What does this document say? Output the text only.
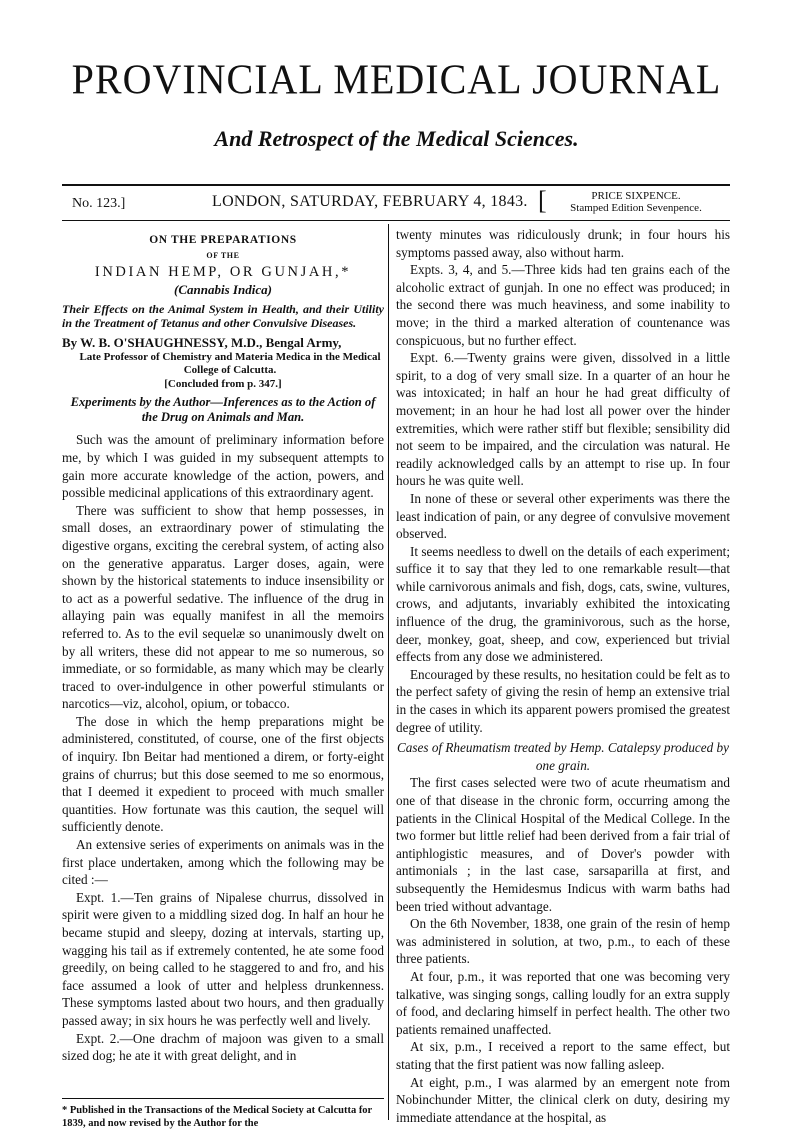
PROVINCIAL MEDICAL JOURNAL
And Retrospect of the Medical Sciences.
No. 123.]	LONDON, SATURDAY, FEBRUARY 4, 1843. [	PRICE SIXPENCE.
Stamped Edition Sevenpence.

ON THE PREPARATIONS

OF THE

INDIAN HEMP, OR GUNJAH,*

(Cannabis Indica)

Their Effects on the Animal System in Health, and their Utility in the Treatment of Tetanus and other Convulsive Diseases.

By W. B. O'SHAUGHNESSY, M.D., Bengal Army,

Late Professor of Chemistry and Materia Medica in the Medical College of Calcutta.

[Concluded from p. 347.]

Experiments by the Author—Inferences as to the Action of the Drug on Animals and Man.

Such was the amount of preliminary information before me, by which I was guided in my subsequent attempts to gain more accurate knowledge of the action, powers, and possible medicinal applications of this extraordinary agent.

There was sufficient to show that hemp possesses, in small doses, an extraordinary power of stimulating the digestive organs, exciting the cerebral system, of acting also on the generative apparatus. Larger doses, again, were shown by the historical statements to induce insensibility or to act as a powerful sedative. The influence of the drug in allaying pain was equally manifest in all the memoirs referred to. As to the evil sequelæ so unanimously dwelt on by all writers, these did not appear to me so numerous, so immediate, or so formidable, as many which may be clearly traced to over-indulgence in other powerful stimulants or narcotics—viz, alcohol, opium, or tobacco.

The dose in which the hemp preparations might be administered, constituted, of course, one of the first objects of inquiry. Ibn Beitar had mentioned a direm, or forty-eight grains of churrus; but this dose seemed to me so enormous, that I deemed it expedient to proceed with much smaller quantities. How fortunate was this caution, the sequel will sufficiently denote.

An extensive series of experiments on animals was in the first place undertaken, among which the following may be cited :—

Expt. 1.—Ten grains of Nipalese churrus, dissolved in spirit were given to a middling sized dog. In half an hour he became stupid and sleepy, dozing at intervals, starting up, wagging his tail as if extremely contented, he ate some food greedily, on being called to he staggered to and fro, and his face assumed a look of utter and helpless drunkenness. These symptoms lasted about two hours, and then gradually passed away; in six hours he was perfectly well and lively.

Expt. 2.—One drachm of majoon was given to a small sized dog; he ate it with great delight, and in

* Published in the Transactions of the Medical Society at Calcutta for 1839, and now revised by the Author for the

twenty minutes was ridiculously drunk; in four hours his symptoms passed away, also without harm.

Expts. 3, 4, and 5.—Three kids had ten grains each of the alcoholic extract of gunjah. In one no effect was produced; in the second there was much heaviness, and some inability to move; in the third a marked alteration of countenance was conspicuous, but no further effect.

Expt. 6.—Twenty grains were given, dissolved in a little spirit, to a dog of very small size. In a quarter of an hour he was intoxicated; in half an hour he had great difficulty of movement; in an hour he had lost all power over the hinder extremities, which were rather stiff but flexible; sensibility did not seem to be impaired, and the circulation was natural. He readily acknowledged calls by an attempt to rise up. In four hours he was quite well.

In none of these or several other experiments was there the least indication of pain, or any degree of convulsive movement observed.

It seems needless to dwell on the details of each experiment; suffice it to say that they led to one remarkable result—that while carnivorous animals and fish, dogs, cats, swine, vultures, crows, and adjutants, invariably exhibited the intoxicating influence of the drug, the graminivorous, such as the horse, deer, monkey, goat, sheep, and cow, experienced but trivial effects from any dose we administered.

Encouraged by these results, no hesitation could be felt as to the perfect safety of giving the resin of hemp an extensive trial in the cases in which its apparent powers promised the greatest degree of utility.

Cases of Rheumatism treated by Hemp. Catalepsy produced by one grain.

The first cases selected were two of acute rheumatism and one of that disease in the chronic form, occurring among the patients in the Clinical Hospital of the Medical College. In the two former but little relief had been derived from a fair trial of antiphlogistic measures, and of Dover's powder with antimonials ; in the last case, sarsaparilla at first, and subsequently the Hemidesmus Indicus with warm baths had been tried without advantage.

On the 6th November, 1838, one grain of the resin of hemp was administered in solution, at two, p.m., to each of these three patients.

At four, p.m., it was reported that one was becoming very talkative, was singing songs, calling loudly for an extra supply of food, and declaring himself in perfect health. The other two patients remained unaffected.

At six, p.m., I received a report to the same effect, but stating that the first patient was now falling asleep.

At eight, p.m., I was alarmed by an emergent note from Nobinchunder Mitter, the clinical clerk on duty, desiring my immediate attendance at the hospital, as
